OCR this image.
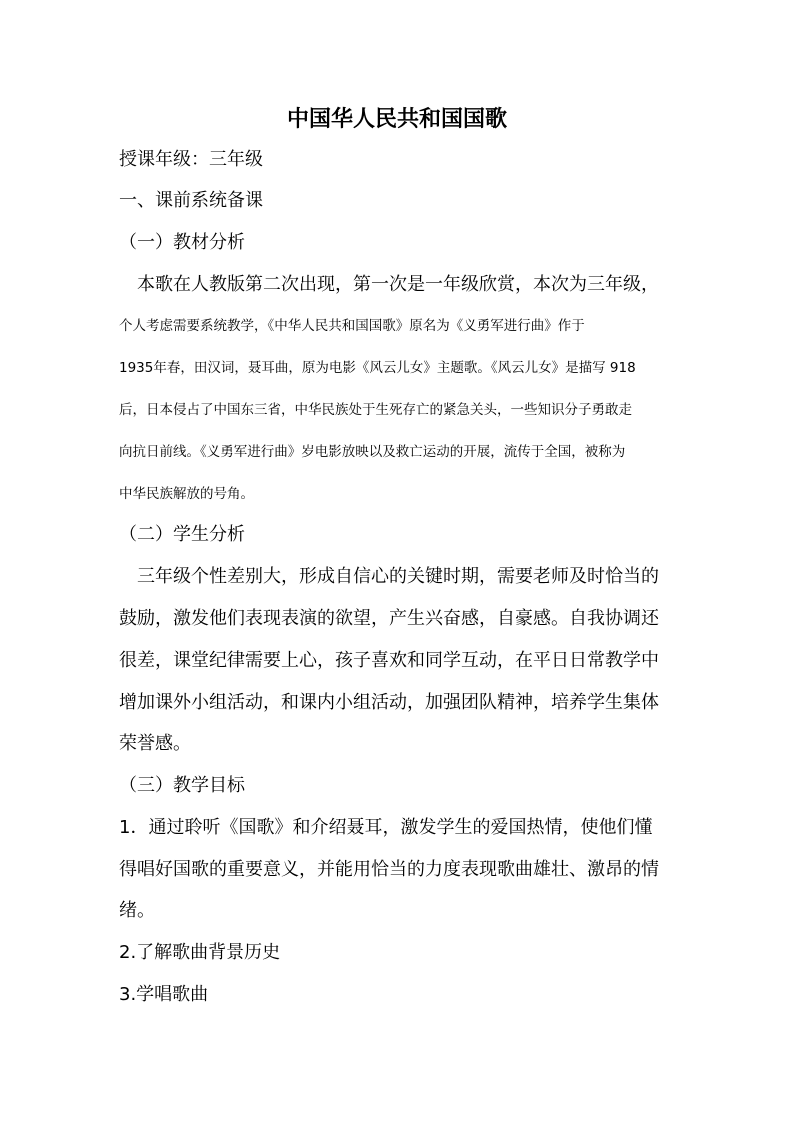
中国华人民共和国国歌
授课年级：三年级
一、课前系统备课
（一）教材分析
本歌在人教版第二次出现，第一次是一年级欣赏，本次为三年级，
个人考虑需要系统教学，《中华人民共和国国歌》原名为《义勇军进行曲》作于
1935年春，田汉词，聂耳曲，原为电影《风云儿女》主题歌。《风云儿女》是描写 918
后，日本侵占了中国东三省，中华民族处于生死存亡的紧急关头，一些知识分子勇敢走
向抗日前线。《义勇军进行曲》岁电影放映以及救亡运动的开展，流传于全国，被称为
中华民族解放的号角。
（二）学生分析
三年级个性差别大，形成自信心的关键时期，需要老师及时恰当的
鼓励，激发他们表现表演的欲望，产生兴奋感，自豪感。自我协调还
很差，课堂纪律需要上心，孩子喜欢和同学互动，在平日日常教学中
增加课外小组活动，和课内小组活动，加强团队精神，培养学生集体
荣誉感。
（三）教学目标
1．通过聆听《国歌》和介绍聂耳，激发学生的爱国热情，使他们懂
得唱好国歌的重要意义，并能用恰当的力度表现歌曲雄壮、激昂的情
绪。
2.了解歌曲背景历史
3.学唱歌曲
